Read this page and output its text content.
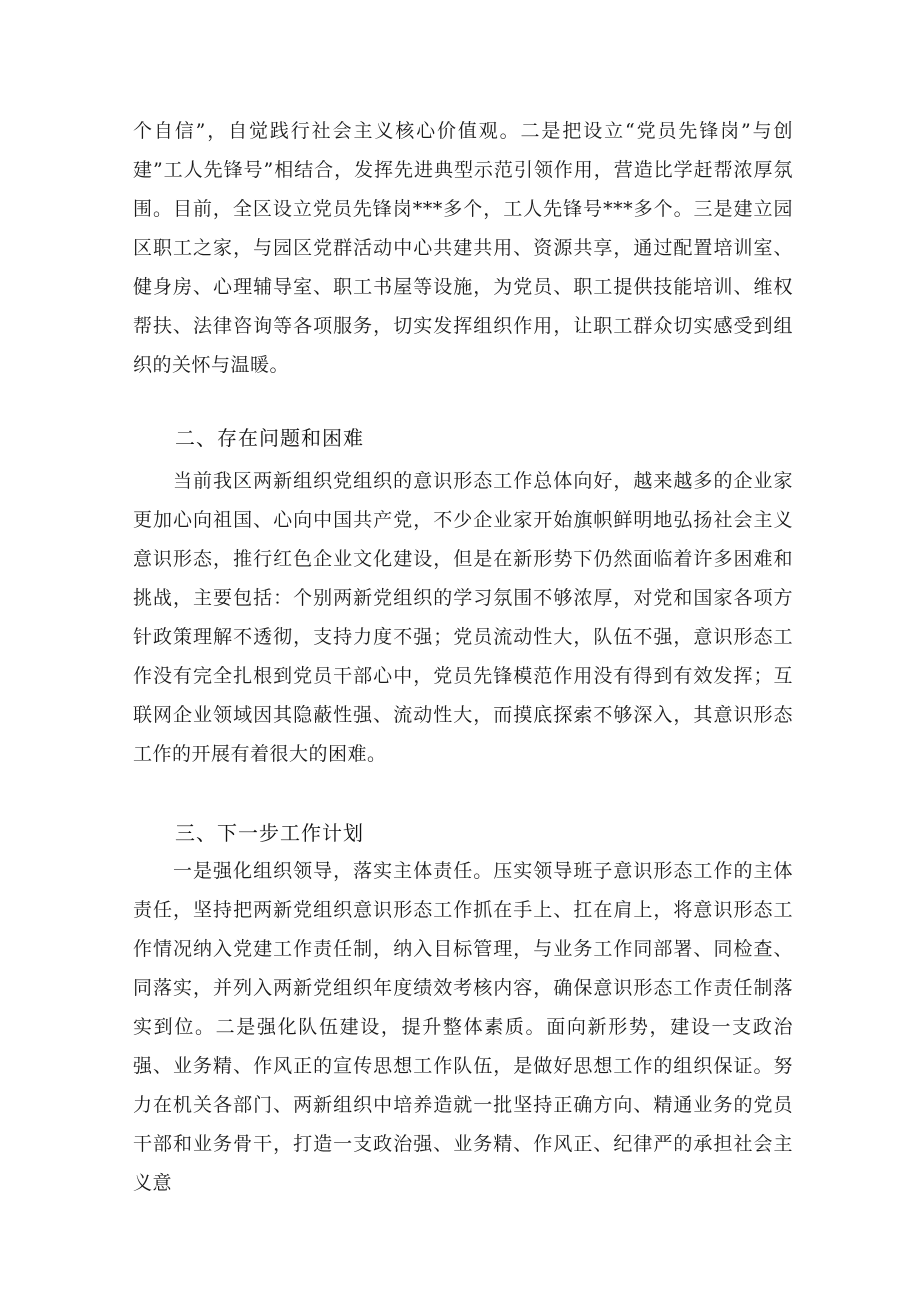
个自信”，自觉践行社会主义核心价值观。二是把设立“党员先锋岗”与创建”工人先锋号”相结合，发挥先进典型示范引领作用，营造比学赶帮浓厚氛围。目前，全区设立党员先锋岗***多个，工人先锋号***多个。三是建立园区职工之家，与园区党群活动中心共建共用、资源共享，通过配置培训室、健身房、心理辅导室、职工书屋等设施，为党员、职工提供技能培训、维权帮扶、法律咨询等各项服务，切实发挥组织作用，让职工群众切实感受到组织的关怀与温暖。

二、存在问题和困难

当前我区两新组织党组织的意识形态工作总体向好，越来越多的企业家更加心向祖国、心向中国共产党，不少企业家开始旗帜鲜明地弘扬社会主义意识形态，推行红色企业文化建设，但是在新形势下仍然面临着许多困难和挑战，主要包括：个别两新党组织的学习氛围不够浓厚，对党和国家各项方针政策理解不透彻，支持力度不强；党员流动性大，队伍不强，意识形态工作没有完全扎根到党员干部心中，党员先锋模范作用没有得到有效发挥；互联网企业领域因其隐蔽性强、流动性大，而摸底探索不够深入，其意识形态工作的开展有着很大的困难。

三、下一步工作计划

一是强化组织领导，落实主体责任。压实领导班子意识形态工作的主体责任，坚持把两新党组织意识形态工作抓在手上、扛在肩上，将意识形态工作情况纳入党建工作责任制，纳入目标管理，与业务工作同部署、同检查、同落实，并列入两新党组织年度绩效考核内容，确保意识形态工作责任制落实到位。二是强化队伍建设，提升整体素质。面向新形势，建设一支政治强、业务精、作风正的宣传思想工作队伍，是做好思想工作的组织保证。努力在机关各部门、两新组织中培养造就一批坚持正确方向、精通业务的党员干部和业务骨干，打造一支政治强、业务精、作风正、纪律严的承担社会主义意
